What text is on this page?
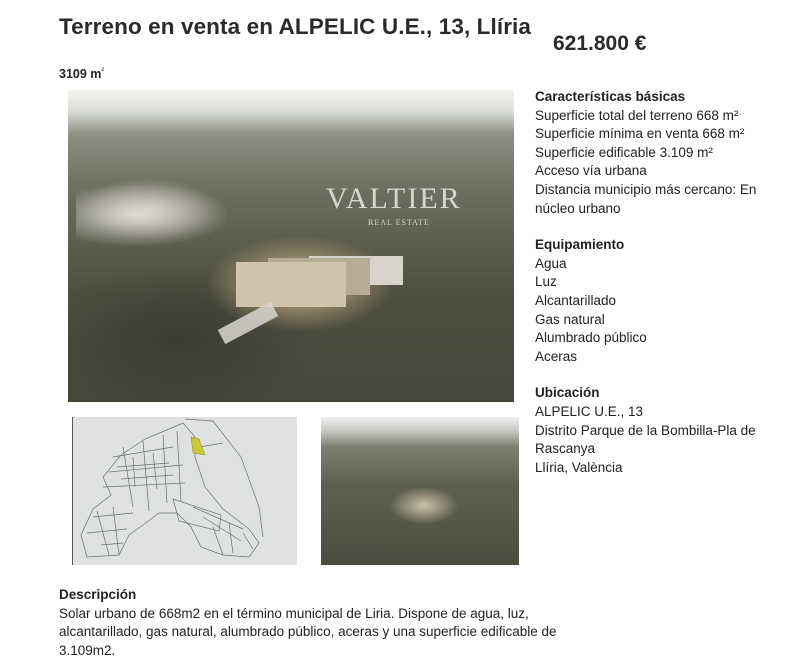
Terreno en venta en ALPELIC U.E., 13, Llíria
621.800 €
3109 $m^{^2}$
VALTIER
REAL ESTATE
Características básicas
Superficie total del terreno 668 m²
Superficie mínima en venta 668 m²
Superficie edificable 3.109 m²
Acceso vía urbana
Distancia municipio más cercano: En núcleo urbano
Equipamiento
Agua
Luz
Alcantarillado
Gas natural
Alumbrado público
Aceras
Ubicación
ALPELIC U.E., 13
Distrito Parque de la Bombilla-Pla de Rascanya
Llíria, València
Descripción
Solar urbano de 668m2 en el término municipal de Liria. Dispone de agua, luz, alcantarillado, gas natural, alumbrado público, aceras y una superficie edificable de 3.109m2.
